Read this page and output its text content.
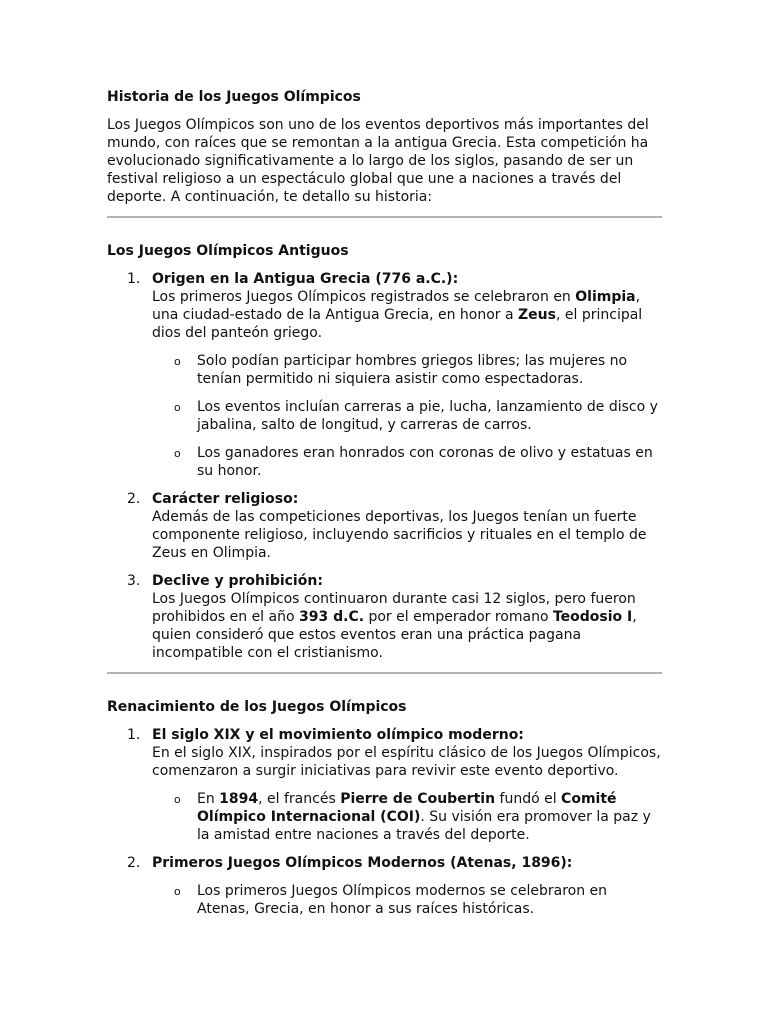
Historia de los Juegos Olímpicos
Los Juegos Olímpicos son uno de los eventos deportivos más importantes del mundo, con raíces que se remontan a la antigua Grecia. Esta competición ha evolucionado significativamente a lo largo de los siglos, pasando de ser un festival religioso a un espectáculo global que une a naciones a través del deporte. A continuación, te detallo su historia:
Los Juegos Olímpicos Antiguos
1. Origen en la Antigua Grecia (776 a.C.):
Los primeros Juegos Olímpicos registrados se celebraron en Olimpia, una ciudad-estado de la Antigua Grecia, en honor a Zeus, el principal dios del panteón griego.
o Solo podían participar hombres griegos libres; las mujeres no tenían permitido ni siquiera asistir como espectadoras.
o Los eventos incluían carreras a pie, lucha, lanzamiento de disco y jabalina, salto de longitud, y carreras de carros.
o Los ganadores eran honrados con coronas de olivo y estatuas en su honor.
2. Carácter religioso:
Además de las competiciones deportivas, los Juegos tenían un fuerte componente religioso, incluyendo sacrificios y rituales en el templo de Zeus en Olimpia.
3. Declive y prohibición:
Los Juegos Olímpicos continuaron durante casi 12 siglos, pero fueron prohibidos en el año 393 d.C. por el emperador romano Teodosio I, quien consideró que estos eventos eran una práctica pagana incompatible con el cristianismo.
Renacimiento de los Juegos Olímpicos
1. El siglo XIX y el movimiento olímpico moderno:
En el siglo XIX, inspirados por el espíritu clásico de los Juegos Olímpicos, comenzaron a surgir iniciativas para revivir este evento deportivo.
o En 1894, el francés Pierre de Coubertin fundó el Comité Olímpico Internacional (COI). Su visión era promover la paz y la amistad entre naciones a través del deporte.
2. Primeros Juegos Olímpicos Modernos (Atenas, 1896):
o Los primeros Juegos Olímpicos modernos se celebraron en Atenas, Grecia, en honor a sus raíces históricas.
